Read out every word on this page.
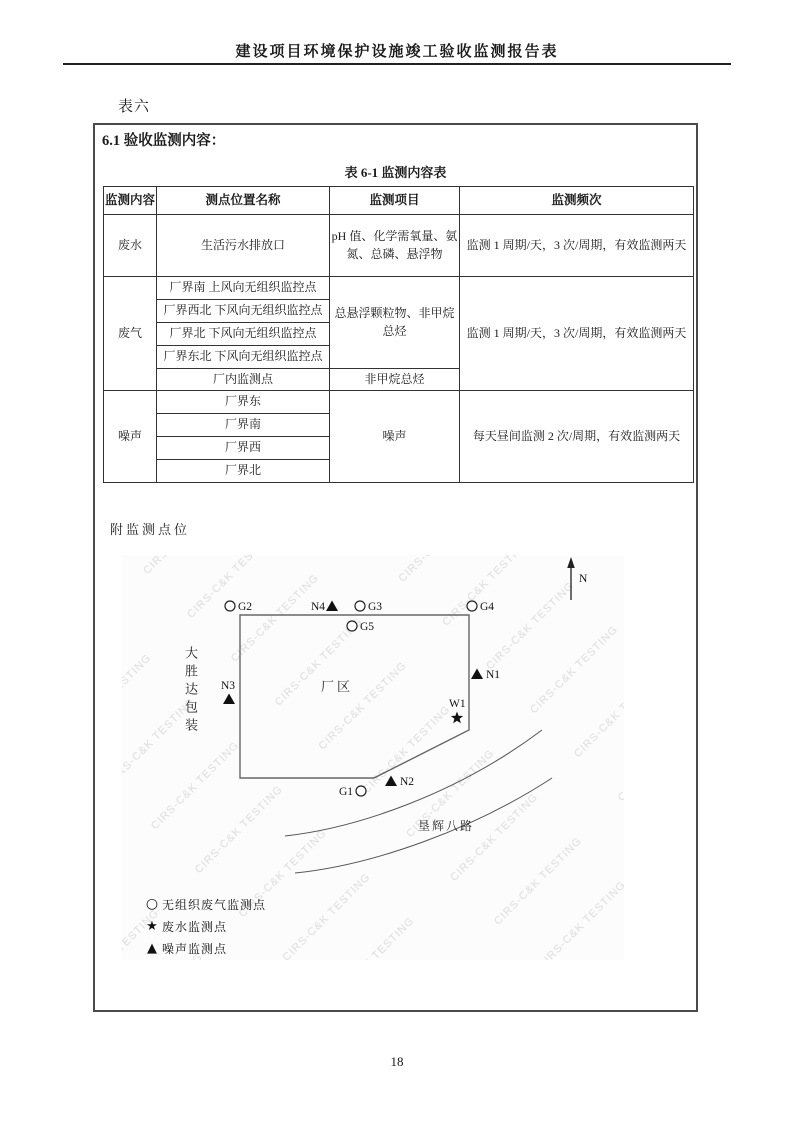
建设项目环境保护设施竣工验收监测报告表
表六
6.1 验收监测内容：
表 6-1 监测内容表
监测内容	测点位置名称	监测项目	监测频次
废水	生活污水排放口	pH 值、化学需氧量、氨氮、总磷、悬浮物	监测 1 周期/天，3 次/周期，有效监测两天
废气	厂界南 上风向无组织监控点	总悬浮颗粒物、非甲烷总烃	监测 1 周期/天，3 次/周期，有效监测两天
	厂界西北 下风向无组织监控点		
	厂界北 下风向无组织监控点		
	厂界东北 下风向无组织监控点		
	厂内监测点	非甲烷总烃	
噪声	厂界东	噪声	每天昼间监测 2 次/周期，有效监测两天
	厂界南		
	厂界西		
	厂界北		
附监测点位
N
G2	G3	G4
G5
G1
N4
N1
N3
N2
W1
厂区
大胜达包装
垦辉八路
○ 无组织废气监测点
★ 废水监测点
▲ 噪声监测点
18
